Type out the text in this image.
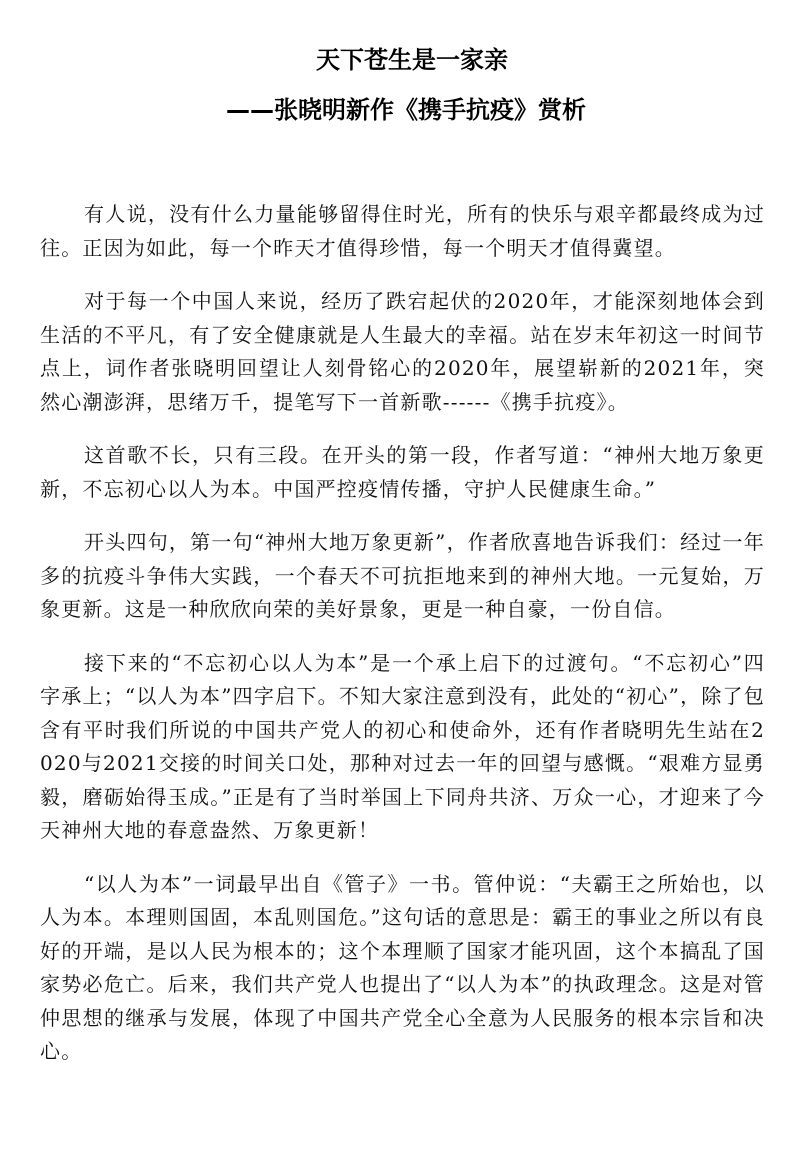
天下苍生是一家亲
——张晓明新作《携手抗疫》赏析

有人说，没有什么力量能够留得住时光，所有的快乐与艰辛都最终成为过往。正因为如此，每一个昨天才值得珍惜，每一个明天才值得冀望。

对于每一个中国人来说，经历了跌宕起伏的2020年，才能深刻地体会到生活的不平凡，有了安全健康就是人生最大的幸福。站在岁末年初这一时间节点上，词作者张晓明回望让人刻骨铭心的2020年，展望崭新的2021年，突然心潮澎湃，思绪万千，提笔写下一首新歌------《携手抗疫》。

这首歌不长，只有三段。在开头的第一段，作者写道：“神州大地万象更新，不忘初心以人为本。中国严控疫情传播，守护人民健康生命。”

开头四句，第一句“神州大地万象更新”，作者欣喜地告诉我们：经过一年多的抗疫斗争伟大实践，一个春天不可抗拒地来到的神州大地。一元复始，万象更新。这是一种欣欣向荣的美好景象，更是一种自豪，一份自信。

接下来的“不忘初心以人为本”是一个承上启下的过渡句。“不忘初心”四字承上；“以人为本”四字启下。不知大家注意到没有，此处的“初心”，除了包含有平时我们所说的中国共产党人的初心和使命外，还有作者晓明先生站在2020与2021交接的时间关口处，那种对过去一年的回望与感慨。“艰难方显勇毅，磨砺始得玉成。”正是有了当时举国上下同舟共济、万众一心，才迎来了今天神州大地的春意盎然、万象更新！

“以人为本”一词最早出自《管子》一书。管仲说：“夫霸王之所始也，以人为本。本理则国固，本乱则国危。”这句话的意思是：霸王的事业之所以有良好的开端，是以人民为根本的；这个本理顺了国家才能巩固，这个本搞乱了国家势必危亡。后来，我们共产党人也提出了“以人为本”的执政理念。这是对管仲思想的继承与发展，体现了中国共产党全心全意为人民服务的根本宗旨和决心。
